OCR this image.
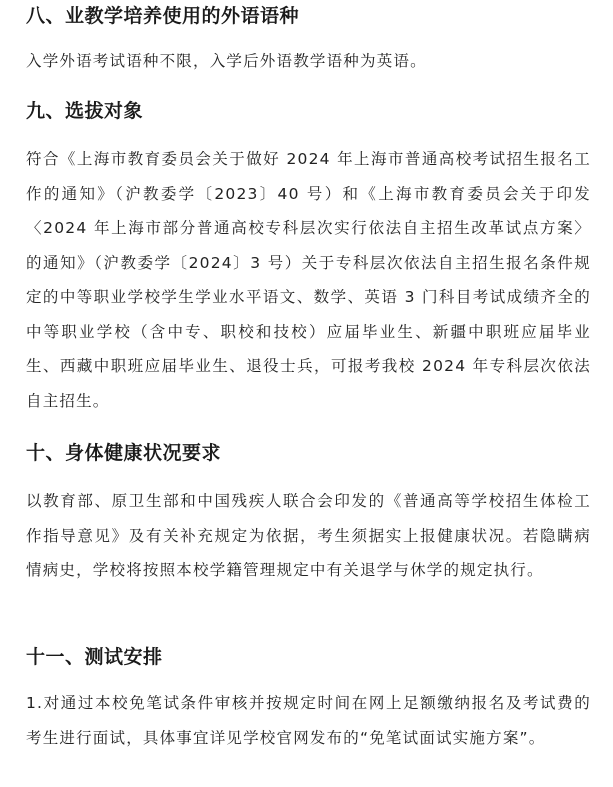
八、业教学培养使用的外语语种

入学外语考试语种不限，入学后外语教学语种为英语。

九、选拔对象

符合《上海市教育委员会关于做好 2024 年上海市普通高校考试招生报名工作的通知》（沪教委学〔2023〕40 号）和《上海市教育委员会关于印发〈2024 年上海市部分普通高校专科层次实行依法自主招生改革试点方案〉的通知》（沪教委学〔2024〕3 号）关于专科层次依法自主招生报名条件规定的中等职业学校学生学业水平语文、数学、英语 3 门科目考试成绩齐全的中等职业学校（含中专、职校和技校）应届毕业生、新疆中职班应届毕业生、西藏中职班应届毕业生、退役士兵，可报考我校 2024 年专科层次依法自主招生。

十、身体健康状况要求

以教育部、原卫生部和中国残疾人联合会印发的《普通高等学校招生体检工作指导意见》及有关补充规定为依据，考生须据实上报健康状况。若隐瞒病情病史，学校将按照本校学籍管理规定中有关退学与休学的规定执行。

十一、测试安排

1.对通过本校免笔试条件审核并按规定时间在网上足额缴纳报名及考试费的考生进行面试，具体事宜详见学校官网发布的“免笔试面试实施方案”。
